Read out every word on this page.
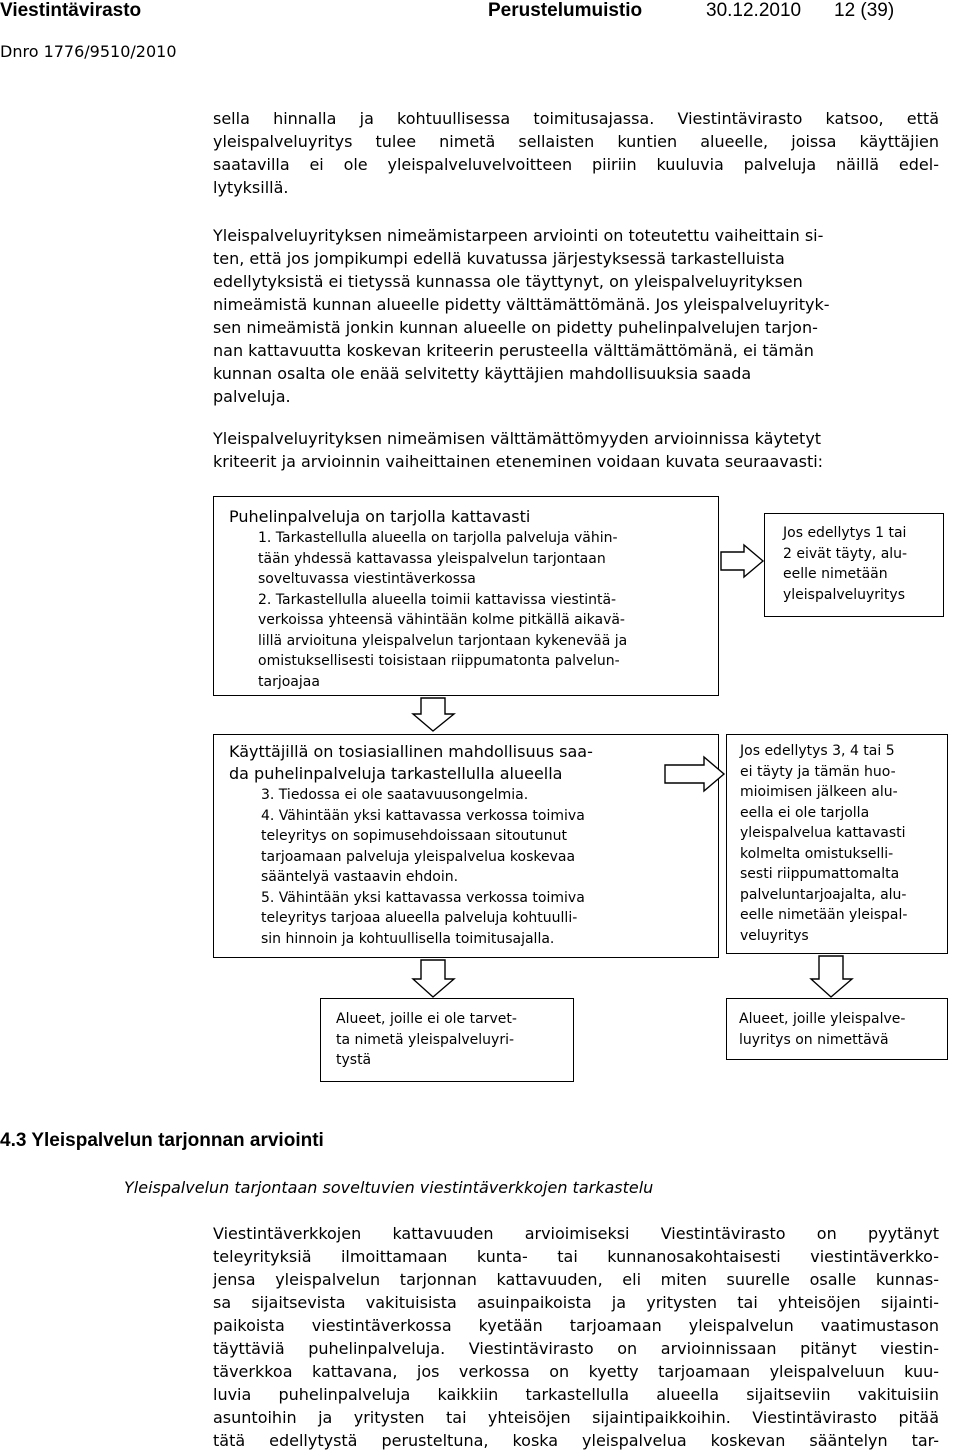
Viestintävirasto	Perustelumuistio	30.12.2010 12 (39)
Dnro 1776/9510/2010
sella hinnalla ja kohtuullisessa toimitusajassa. Viestintävirasto katsoo, että
yleispalveluyritys tulee nimetä sellaisten kuntien alueelle, joissa käyttäjien
saatavilla ei ole yleispalveluvelvoitteen piiriin kuuluvia palveluja näillä edel-
lytyksillä.
Yleispalveluyrityksen nimeämistarpeen arviointi on toteutettu vaiheittain si-
ten, että jos jompikumpi edellä kuvatussa järjestyksessä tarkastelluista
edellytyksistä ei tietyssä kunnassa ole täyttynyt, on yleispalveluyrityksen
nimeämistä kunnan alueelle pidetty välttämättömänä. Jos yleispalveluyrityk-
sen nimeämistä jonkin kunnan alueelle on pidetty puhelinpalvelujen tarjon-
nan kattavuutta koskevan kriteerin perusteella välttämättömänä, ei tämän
kunnan osalta ole enää selvitetty käyttäjien mahdollisuuksia saada
palveluja.
Yleispalveluyrityksen nimeämisen välttämättömyyden arvioinnissa käytetyt
kriteerit ja arvioinnin vaiheittainen eteneminen voidaan kuvata seuraavasti:
Puhelinpalveluja on tarjolla kattavasti
1. Tarkastellulla alueella on tarjolla palveluja vähin-
tään yhdessä kattavassa yleispalvelun tarjontaan
soveltuvassa viestintäverkossa
2. Tarkastellulla alueella toimii kattavissa viestintä-
verkoissa yhteensä vähintään kolme pitkällä aikavä-
lillä arvioituna yleispalvelun tarjontaan kykenevää ja
omistuksellisesti toisistaan riippumatonta palvelun-
tarjoajaa
Jos edellytys 1 tai
2 eivät täyty, alu-
eelle nimetään
yleispalveluyritys
Käyttäjillä on tosiasiallinen mahdollisuus saa-
da puhelinpalveluja tarkastellulla alueella
3. Tiedossa ei ole saatavuusongelmia.
4. Vähintään yksi kattavassa verkossa toimiva
teleyritys on sopimusehdoissaan sitoutunut
tarjoamaan palveluja yleispalvelua koskevaa
sääntelyä vastaavin ehdoin.
5. Vähintään yksi kattavassa verkossa toimiva
teleyritys tarjoaa alueella palveluja kohtuulli-
sin hinnoin ja kohtuullisella toimitusajalla.
Jos edellytys 3, 4 tai 5
ei täyty ja tämän huo-
mioimisen jälkeen alu-
eella ei ole tarjolla
yleispalvelua kattavasti
kolmelta omistukselli-
sesti riippumattomalta
palveluntarjoajalta, alu-
eelle nimetään yleispal-
veluyritys
Alueet, joille ei ole tarvet-
ta nimetä yleispalveluyri-
tystä
Alueet, joille yleispalve-
luyritys on nimettävä
4.3 Yleispalvelun tarjonnan arviointi
Yleispalvelun tarjontaan soveltuvien viestintäverkkojen tarkastelu
Viestintäverkkojen kattavuuden arvioimiseksi Viestintävirasto on pyytänyt
teleyrityksiä ilmoittamaan kunta- tai kunnanosakohtaisesti viestintäverkko-
jensa yleispalvelun tarjonnan kattavuuden, eli miten suurelle osalle kunnas-
sa sijaitsevista vakituisista asuinpaikoista ja yritysten tai yhteisöjen sijainti-
paikoista viestintäverkossa kyetään tarjoamaan yleispalvelun vaatimustason
täyttäviä puhelinpalveluja. Viestintävirasto on arvioinnissaan pitänyt viestin-
täverkkoa kattavana, jos verkossa on kyetty tarjoamaan yleispalveluun kuu-
luvia puhelinpalveluja kaikkiin tarkastellulla alueella sijaitseviin vakituisiin
asuntoihin ja yritysten tai yhteisöjen sijaintipaikkoihin. Viestintävirasto pitää
tätä edellytystä perusteltuna, koska yleispalvelua koskevan sääntelyn tar-
